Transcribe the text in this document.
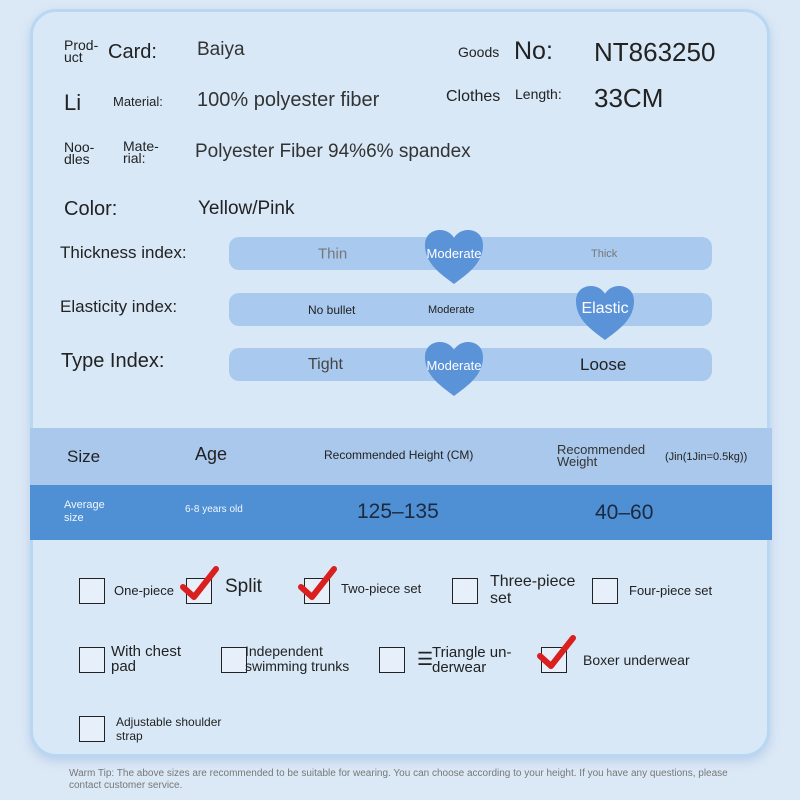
Prod-
uct	Card: Baiya	Goods No: NT863250
Li Material: 100% polyester fiber	Clothes Length: 33CM
Noo-
dles
Mate-
rial:	Polyester Fiber 94%6% spandex
Color:	Yellow/Pink
Thickness index:	Thin	Thick
Moderate
Elasticity index:	No bullet	Moderate	Elastic
Type Index:	Tight	Loose
Moderate
Size	Age	Recommended Height (CM)	Recommended
Weight	(Jin(1Jin=0.5kg))
Average
size
6-8 years old	125–135	40–60
One-piece	Split	Two-piece set	Three-piece
set	Four-piece set
With chest
pad
Independent
swimming trunks	☰
Triangle un-
derwear	Boxer underwear
Adjustable shoulder
strap
Warm Tip: The above sizes are recommended to be suitable for wearing. You can choose according to your height. If you have any questions, please contact customer service.
